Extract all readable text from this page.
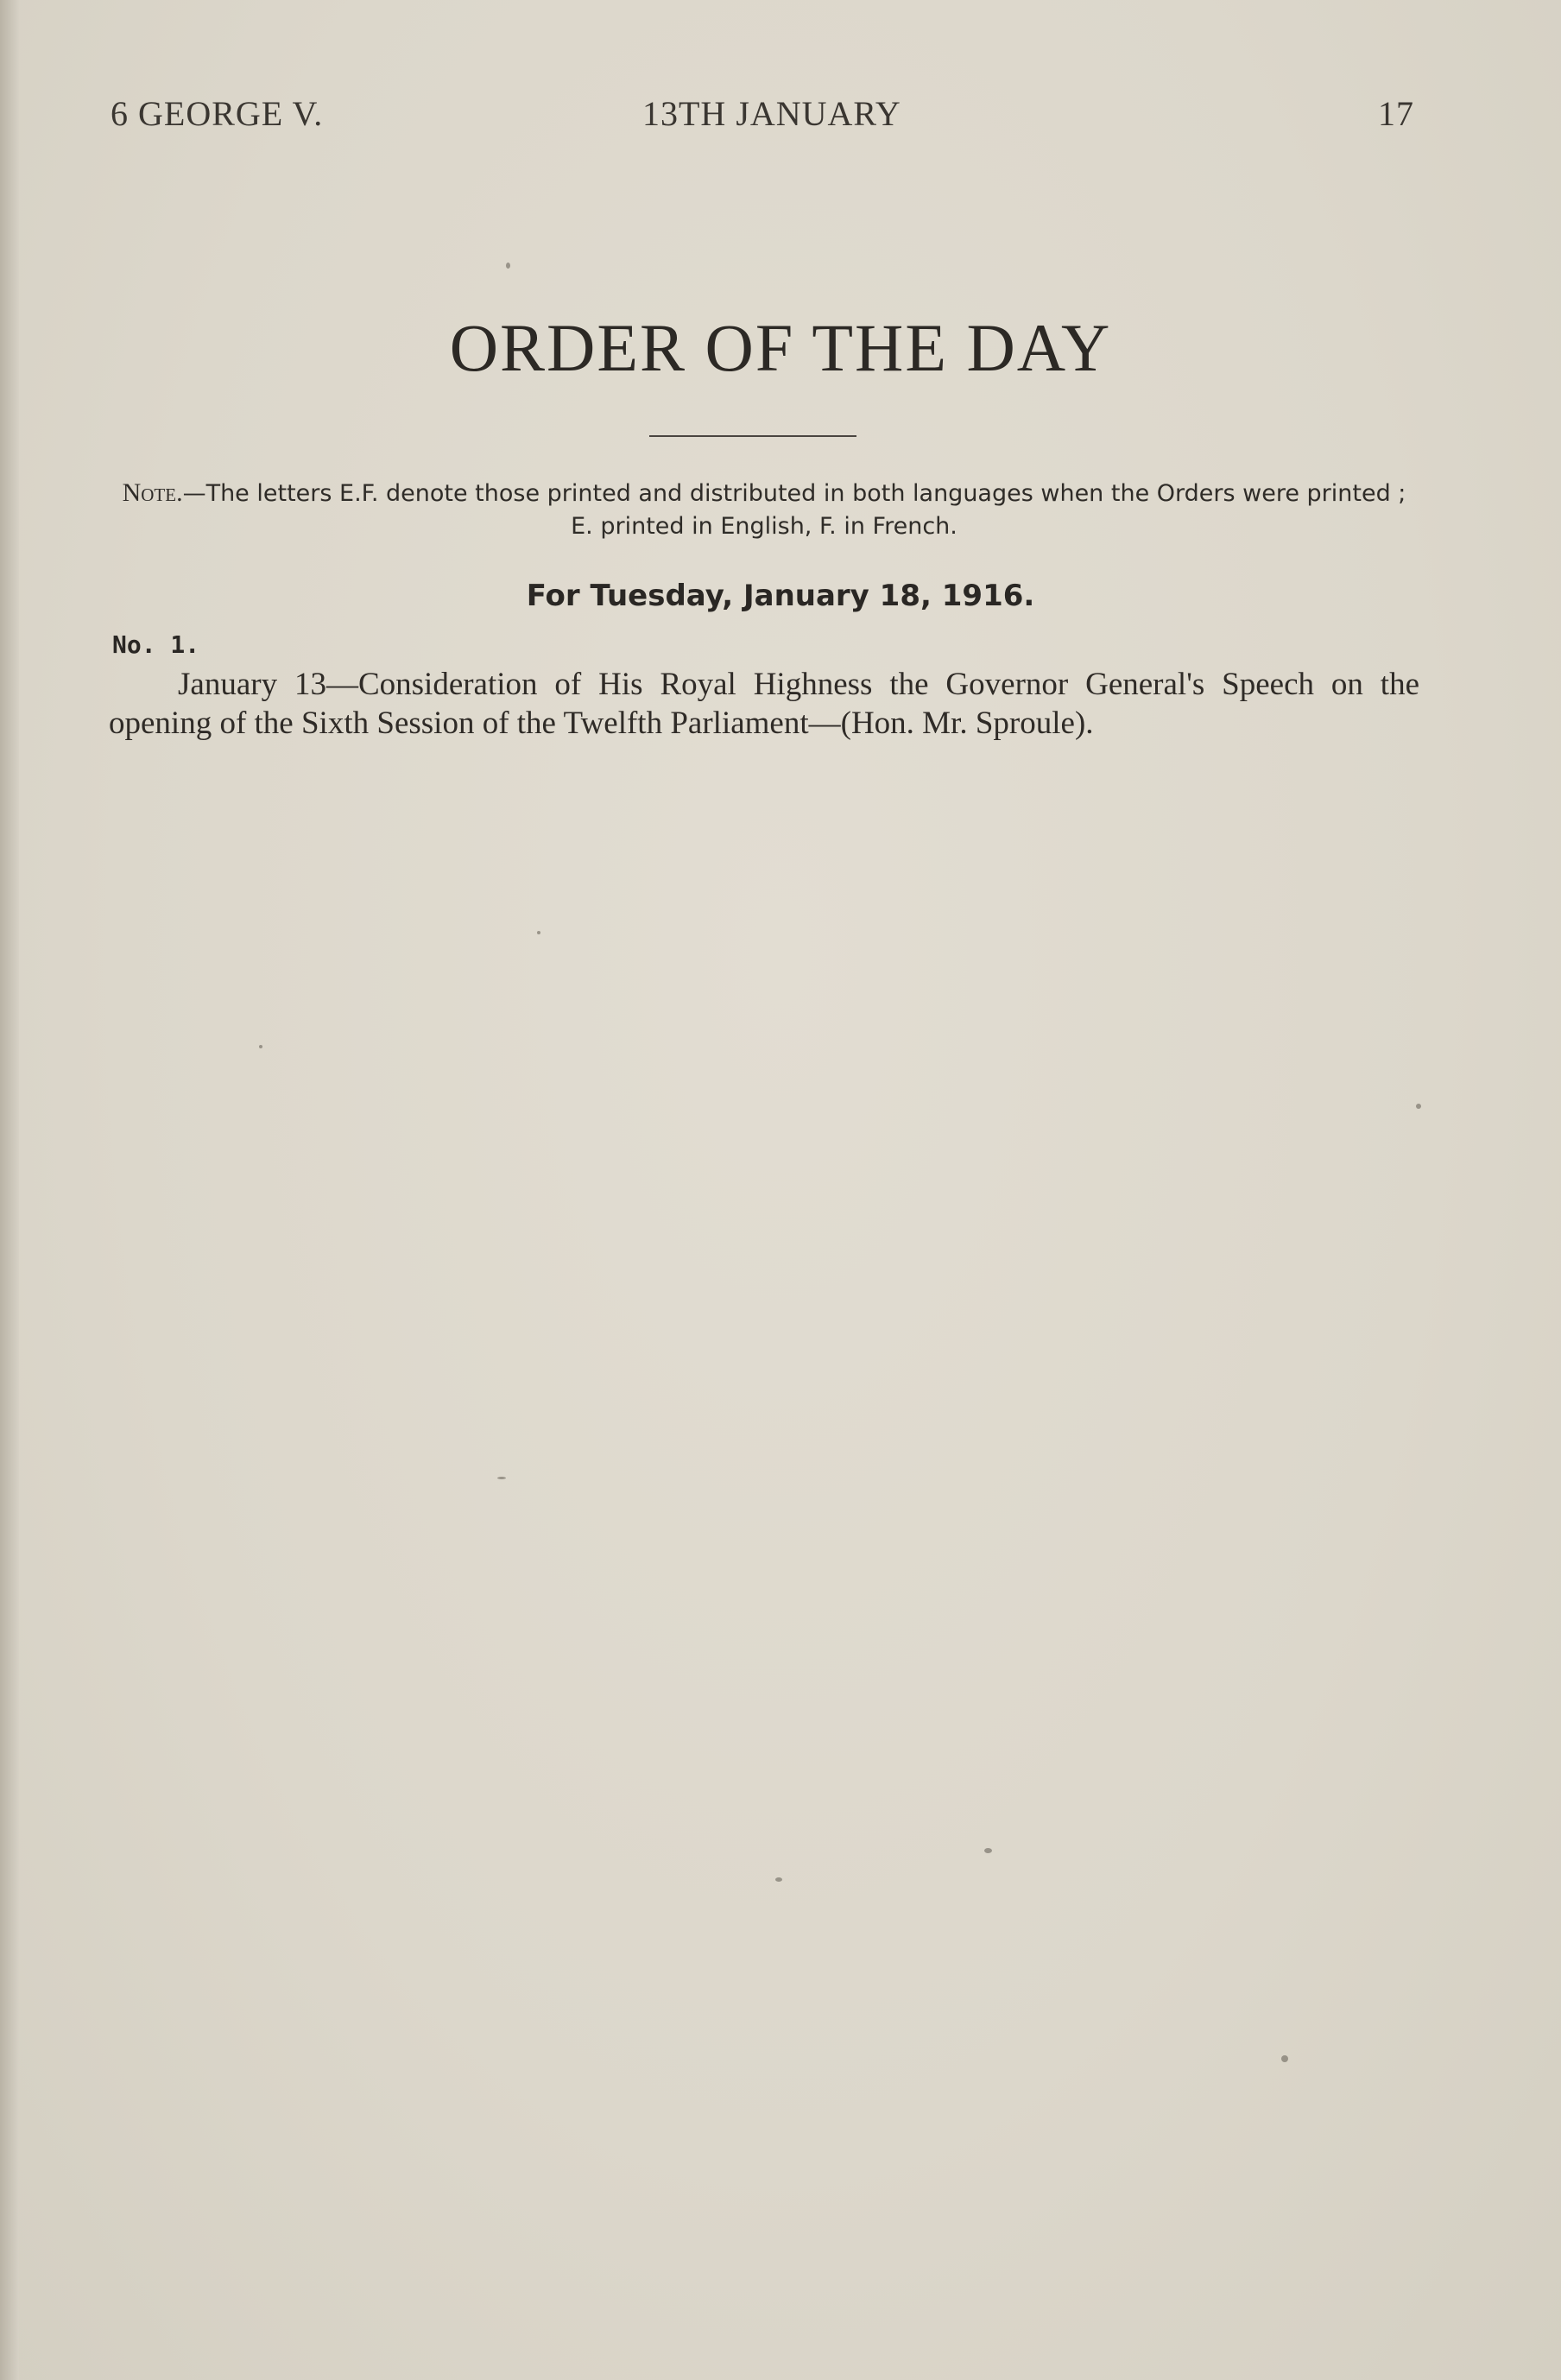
6 GEORGE V.	13TH JANUARY	17
ORDER OF THE DAY
Note.—The letters E.F. denote those printed and distributed in both languages when the Orders were printed ; E. printed in English, F. in French.
For Tuesday, January 18, 1916.
No. 1.
January 13—Consideration of His Royal Highness the Governor General's Speech on the opening of the Sixth Session of the Twelfth Parliament—(Hon. Mr. Sproule).
